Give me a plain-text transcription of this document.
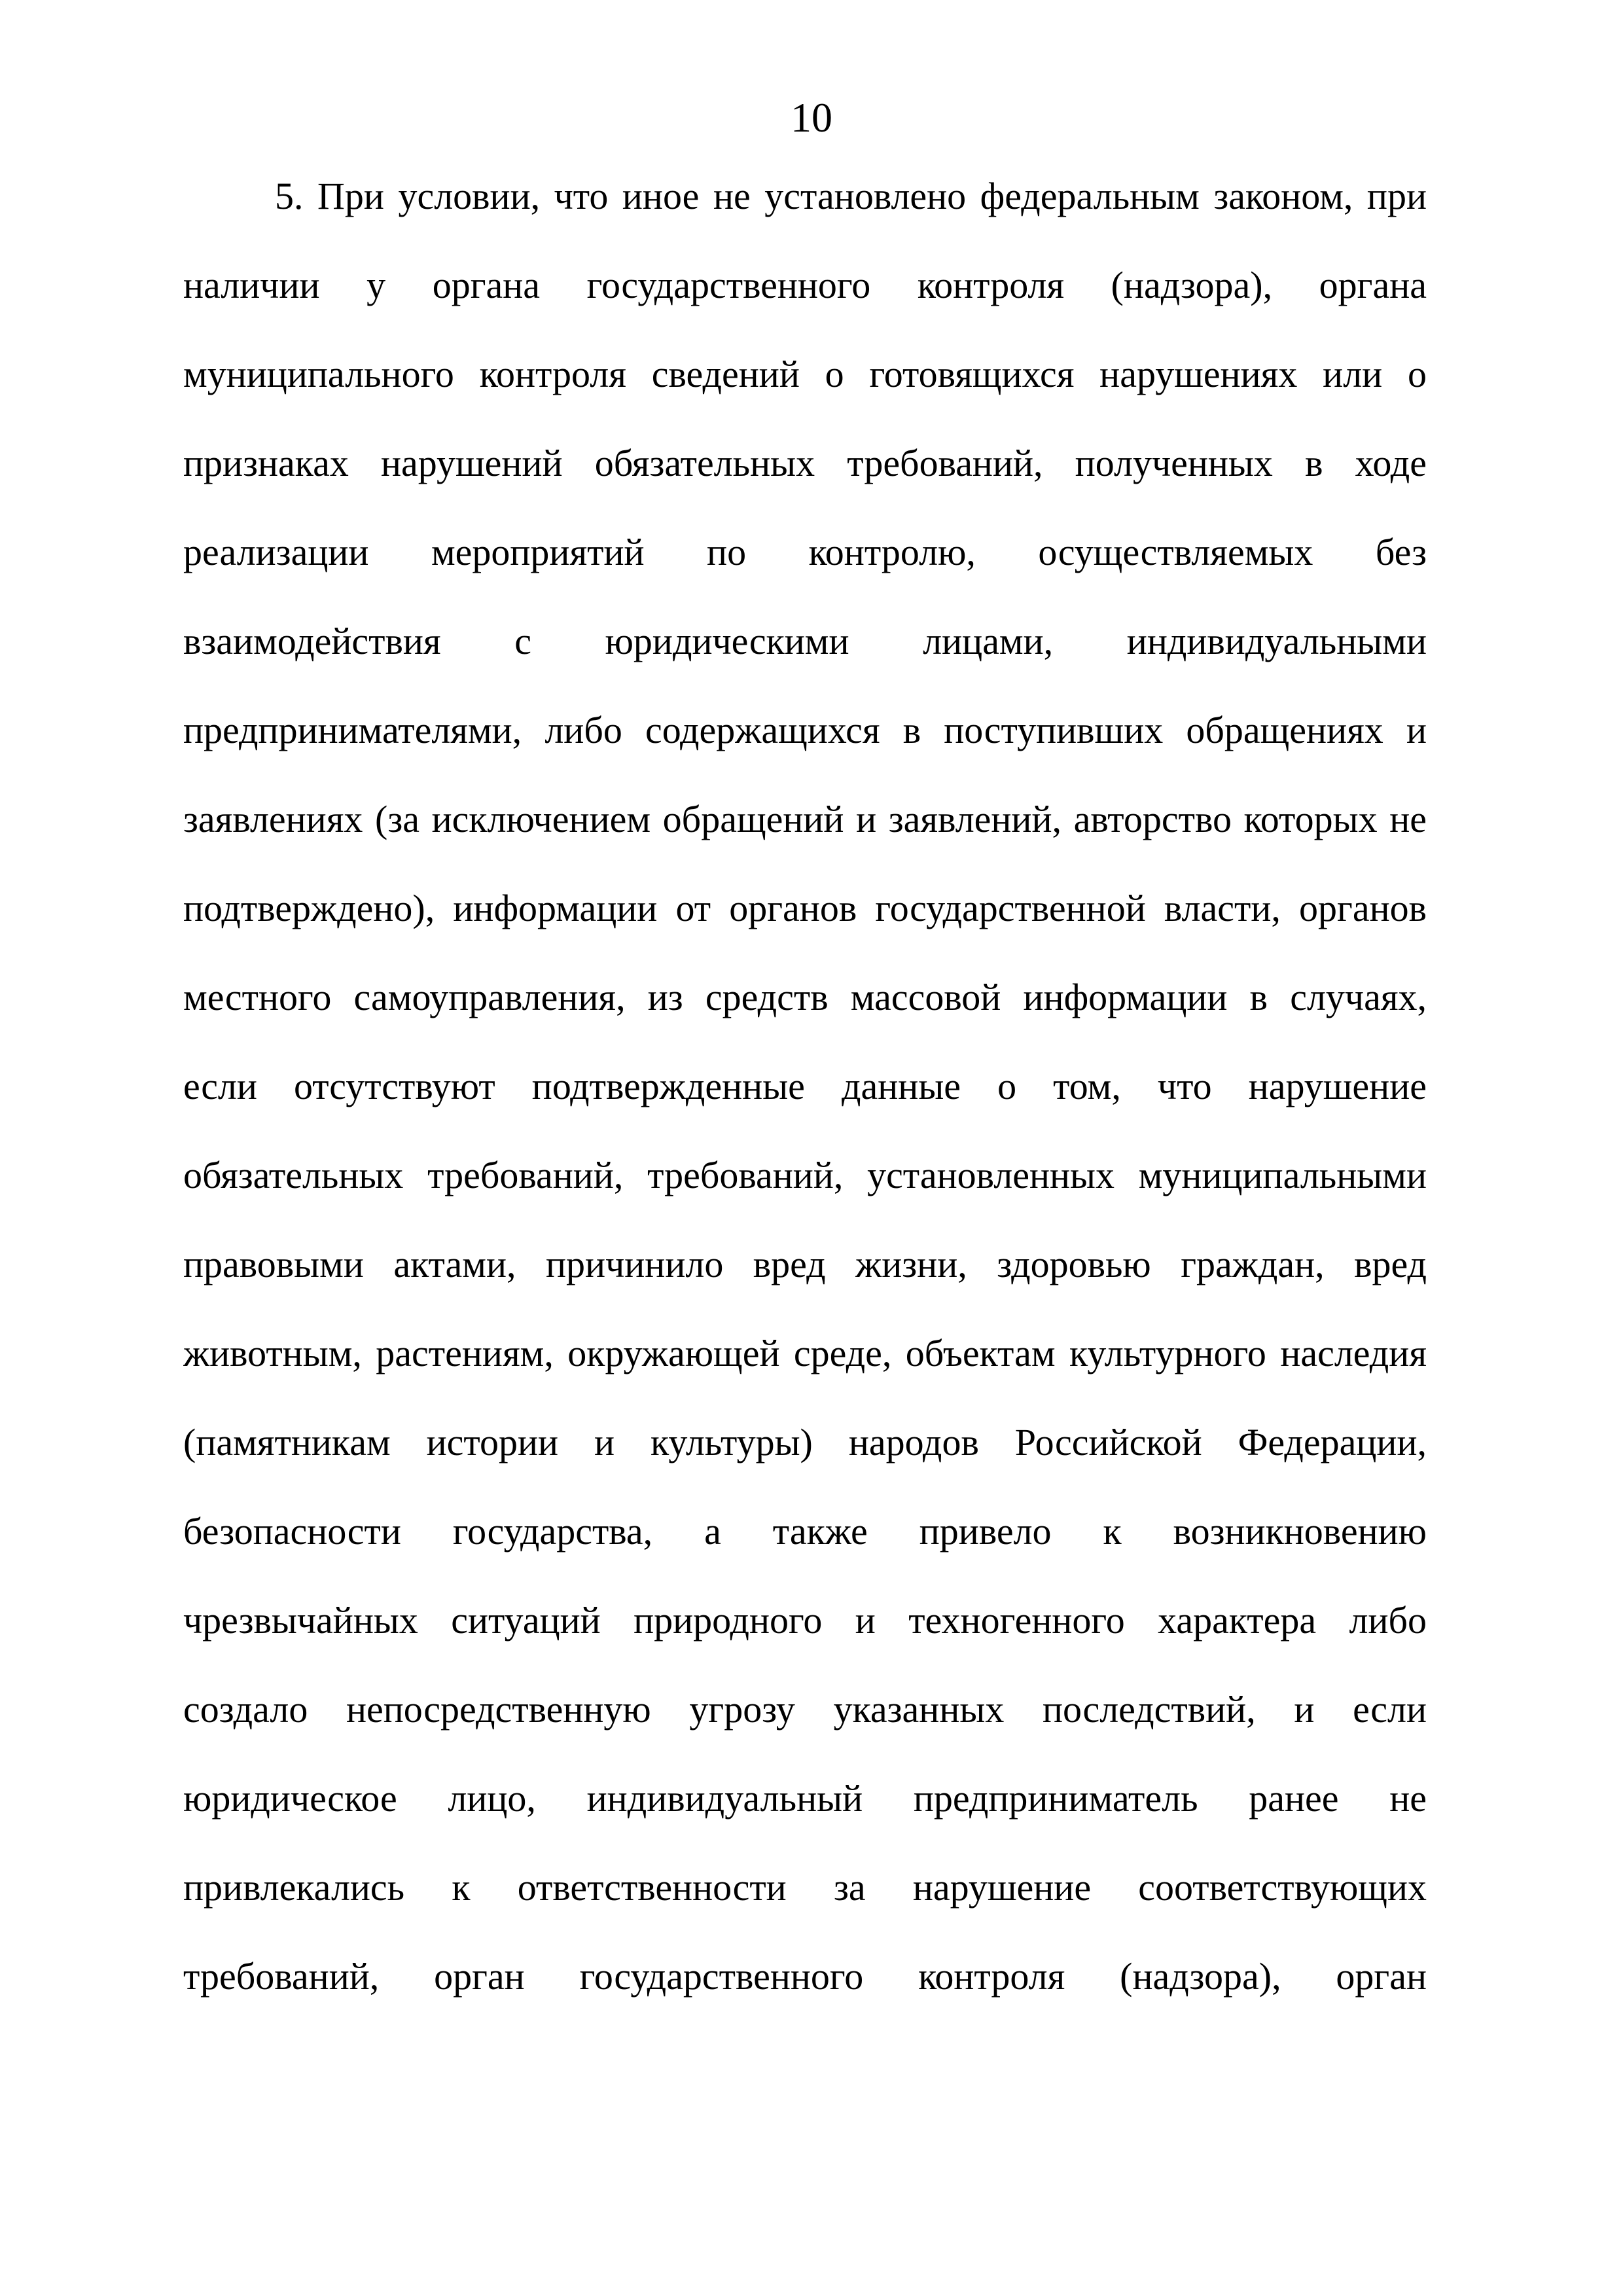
10
5. При условии, что иное не установлено федеральным законом, при
наличии у органа государственного контроля (надзора), органа
муниципального контроля сведений о готовящихся нарушениях или о
признаках нарушений обязательных требований, полученных в ходе
реализации мероприятий по контролю, осуществляемых без
взаимодействия с юридическими лицами, индивидуальными
предпринимателями, либо содержащихся в поступивших обращениях и
заявлениях (за исключением обращений и заявлений, авторство которых не
подтверждено), информации от органов государственной власти, органов
местного самоуправления, из средств массовой информации в случаях,
если отсутствуют подтвержденные данные о том, что нарушение
обязательных требований, требований, установленных муниципальными
правовыми актами, причинило вред жизни, здоровью граждан, вред
животным, растениям, окружающей среде, объектам культурного наследия
(памятникам истории и культуры) народов Российской Федерации,
безопасности государства, а также привело к возникновению
чрезвычайных ситуаций природного и техногенного характера либо
создало непосредственную угрозу указанных последствий, и если
юридическое лицо, индивидуальный предприниматель ранее не
привлекались к ответственности за нарушение соответствующих
требований, орган государственного контроля (надзора), орган
